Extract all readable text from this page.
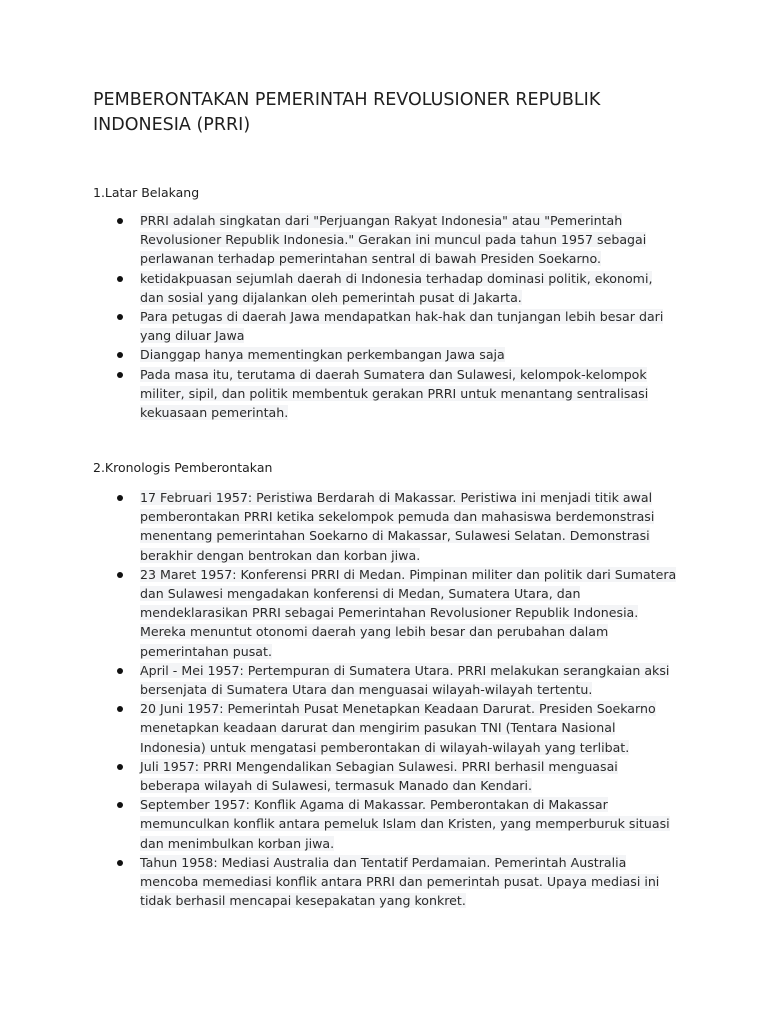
PEMBERONTAKAN PEMERINTAH REVOLUSIONER REPUBLIK INDONESIA (PRRI)
1.Latar Belakang
PRRI adalah singkatan dari "Perjuangan Rakyat Indonesia" atau "Pemerintah Revolusioner Republik Indonesia." Gerakan ini muncul pada tahun 1957 sebagai perlawanan terhadap pemerintahan sentral di bawah Presiden Soekarno.
ketidakpuasan sejumlah daerah di Indonesia terhadap dominasi politik, ekonomi, dan sosial yang dijalankan oleh pemerintah pusat di Jakarta.
Para petugas di daerah Jawa mendapatkan hak-hak dan tunjangan lebih besar dari yang diluar Jawa
Dianggap hanya mementingkan perkembangan Jawa saja
Pada masa itu, terutama di daerah Sumatera dan Sulawesi, kelompok-kelompok militer, sipil, dan politik membentuk gerakan PRRI untuk menantang sentralisasi kekuasaan pemerintah.
2.Kronologis Pemberontakan
17 Februari 1957: Peristiwa Berdarah di Makassar. Peristiwa ini menjadi titik awal pemberontakan PRRI ketika sekelompok pemuda dan mahasiswa berdemonstrasi menentang pemerintahan Soekarno di Makassar, Sulawesi Selatan. Demonstrasi berakhir dengan bentrokan dan korban jiwa.
23 Maret 1957: Konferensi PRRI di Medan. Pimpinan militer dan politik dari Sumatera dan Sulawesi mengadakan konferensi di Medan, Sumatera Utara, dan mendeklarasikan PRRI sebagai Pemerintahan Revolusioner Republik Indonesia. Mereka menuntut otonomi daerah yang lebih besar dan perubahan dalam pemerintahan pusat.
April - Mei 1957: Pertempuran di Sumatera Utara. PRRI melakukan serangkaian aksi bersenjata di Sumatera Utara dan menguasai wilayah-wilayah tertentu.
20 Juni 1957: Pemerintah Pusat Menetapkan Keadaan Darurat. Presiden Soekarno menetapkan keadaan darurat dan mengirim pasukan TNI (Tentara Nasional Indonesia) untuk mengatasi pemberontakan di wilayah-wilayah yang terlibat.
Juli 1957: PRRI Mengendalikan Sebagian Sulawesi. PRRI berhasil menguasai beberapa wilayah di Sulawesi, termasuk Manado dan Kendari.
September 1957: Konflik Agama di Makassar. Pemberontakan di Makassar memunculkan konflik antara pemeluk Islam dan Kristen, yang memperburuk situasi dan menimbulkan korban jiwa.
Tahun 1958: Mediasi Australia dan Tentatif Perdamaian. Pemerintah Australia mencoba memediasi konflik antara PRRI dan pemerintah pusat. Upaya mediasi ini tidak berhasil mencapai kesepakatan yang konkret.
